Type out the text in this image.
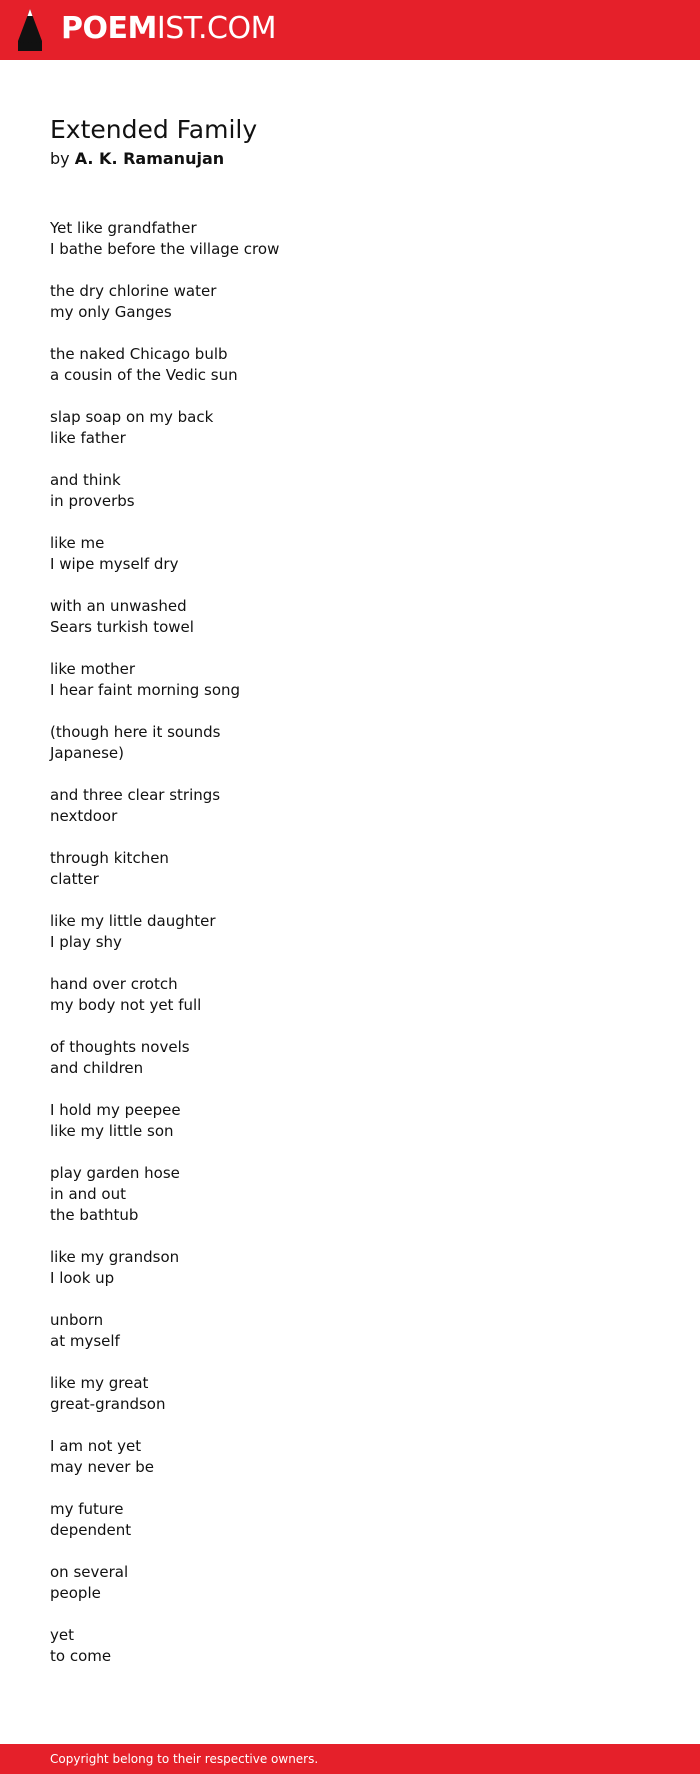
POEMIST.COM
Extended Family
by A. K. Ramanujan
Yet like grandfather
I bathe before the village crow
the dry chlorine water
my only Ganges
the naked Chicago bulb
a cousin of the Vedic sun
slap soap on my back
like father
and think
in proverbs
like me
I wipe myself dry
with an unwashed
Sears turkish towel
like mother
I hear faint morning song
(though here it sounds
Japanese)
and three clear strings
nextdoor
through kitchen
clatter
like my little daughter
I play shy
hand over crotch
my body not yet full
of thoughts novels
and children
I hold my peepee
like my little son
play garden hose
in and out
the bathtub
like my grandson
I look up
unborn
at myself
like my great
great-grandson
I am not yet
may never be
my future
dependent
on several
people
yet
to come
Copyright belong to their respective owners.
